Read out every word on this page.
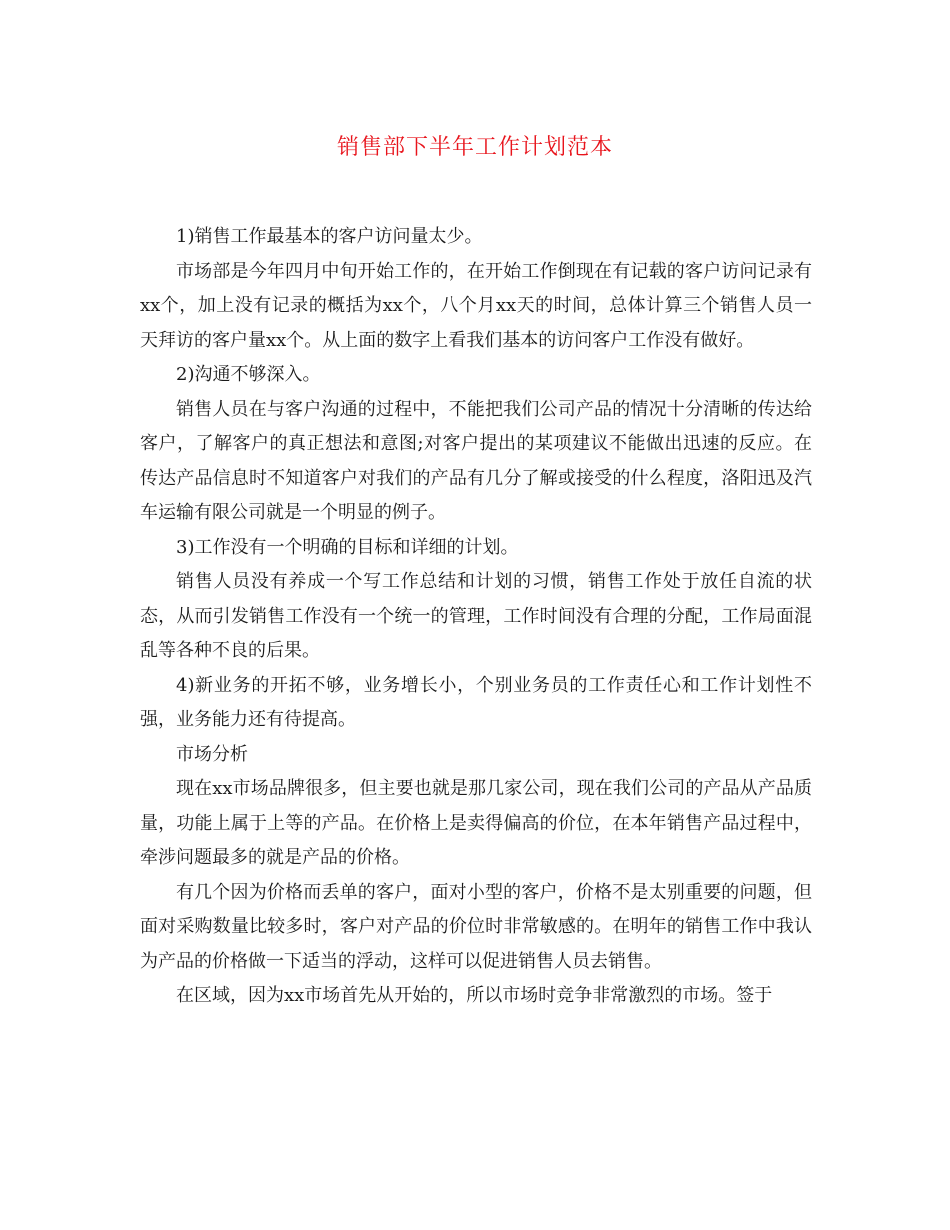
销售部下半年工作计划范本

1)销售工作最基本的客户访问量太少。

市场部是今年四月中旬开始工作的，在开始工作倒现在有记载的客户访问记录有xx个，加上没有记录的概括为xx个，八个月xx天的时间，总体计算三个销售人员一天拜访的客户量xx个。从上面的数字上看我们基本的访问客户工作没有做好。

2)沟通不够深入。

销售人员在与客户沟通的过程中，不能把我们公司产品的情况十分清晰的传达给客户，了解客户的真正想法和意图;对客户提出的某项建议不能做出迅速的反应。在传达产品信息时不知道客户对我们的产品有几分了解或接受的什么程度，洛阳迅及汽车运输有限公司就是一个明显的例子。

3)工作没有一个明确的目标和详细的计划。

销售人员没有养成一个写工作总结和计划的习惯，销售工作处于放任自流的状态，从而引发销售工作没有一个统一的管理，工作时间没有合理的分配，工作局面混乱等各种不良的后果。

4)新业务的开拓不够，业务增长小，个别业务员的工作责任心和工作计划性不强，业务能力还有待提高。

市场分析

现在xx市场品牌很多，但主要也就是那几家公司，现在我们公司的产品从产品质量，功能上属于上等的产品。在价格上是卖得偏高的价位，在本年销售产品过程中，牵涉问题最多的就是产品的价格。

有几个因为价格而丢单的客户，面对小型的客户，价格不是太别重要的问题，但面对采购数量比较多时，客户对产品的价位时非常敏感的。在明年的销售工作中我认为产品的价格做一下适当的浮动，这样可以促进销售人员去销售。

在区域，因为xx市场首先从开始的，所以市场时竞争非常激烈的市场。签于
